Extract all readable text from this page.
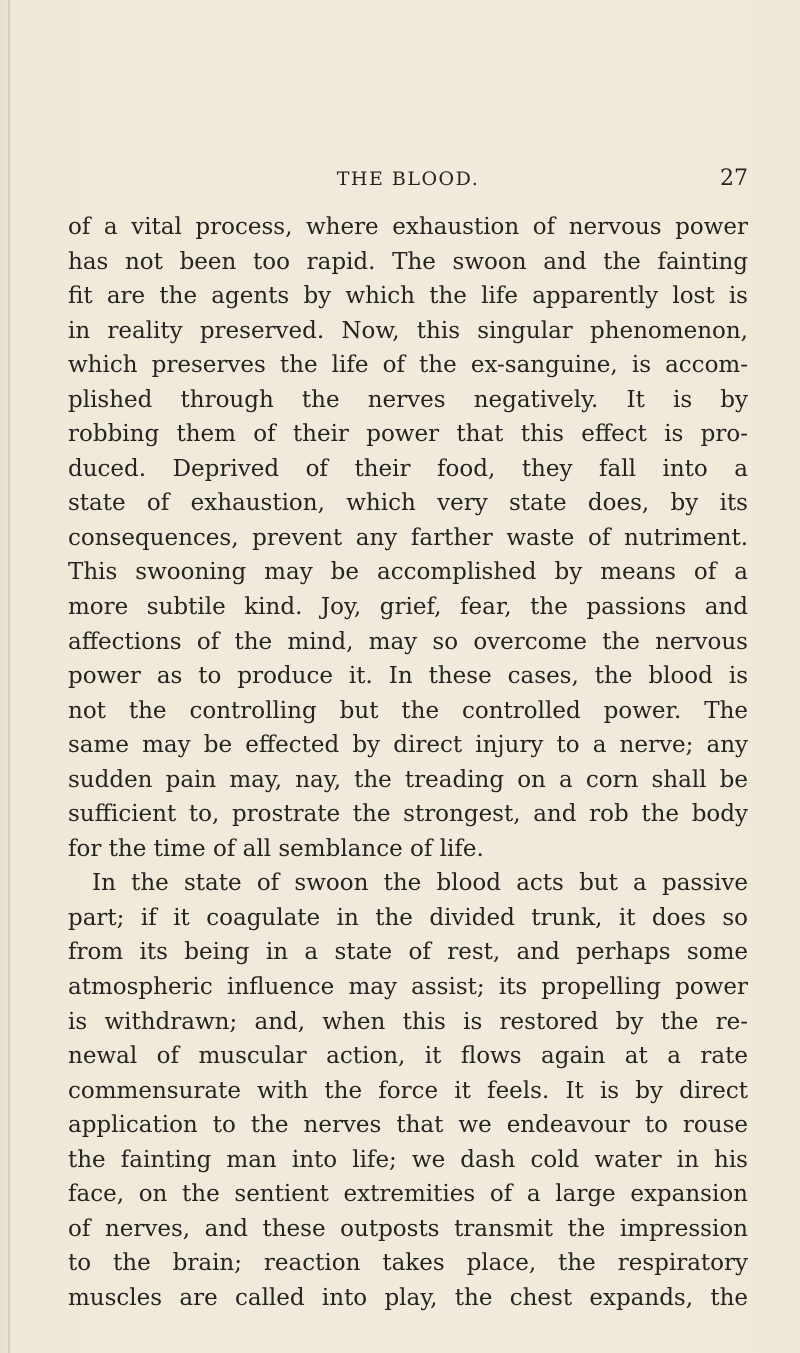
THE BLOOD.	27
of a vital process, where exhaustion of nervous power
has not been too rapid. The swoon and the fainting
fit are the agents by which the life apparently lost is
in reality preserved. Now, this singular phenomenon,
which preserves the life of the ex-sanguine, is accom-
plished through the nerves negatively. It is by
robbing them of their power that this effect is pro-
duced. Deprived of their food, they fall into a
state of exhaustion, which very state does, by its
consequences, prevent any farther waste of nutriment.
This swooning may be accomplished by means of a
more subtile kind. Joy, grief, fear, the passions and
affections of the mind, may so overcome the nervous
power as to produce it. In these cases, the blood is
not the controlling but the controlled power. The
same may be effected by direct injury to a nerve; any
sudden pain may, nay, the treading on a corn shall be
sufficient to, prostrate the strongest, and rob the body
for the time of all semblance of life.
In the state of swoon the blood acts but a passive
part; if it coagulate in the divided trunk, it does so
from its being in a state of rest, and perhaps some
atmospheric influence may assist; its propelling power
is withdrawn; and, when this is restored by the re-
newal of muscular action, it flows again at a rate
commensurate with the force it feels. It is by direct
application to the nerves that we endeavour to rouse
the fainting man into life; we dash cold water in his
face, on the sentient extremities of a large expansion
of nerves, and these outposts transmit the impression
to the brain; reaction takes place, the respiratory
muscles are called into play, the chest expands, the
